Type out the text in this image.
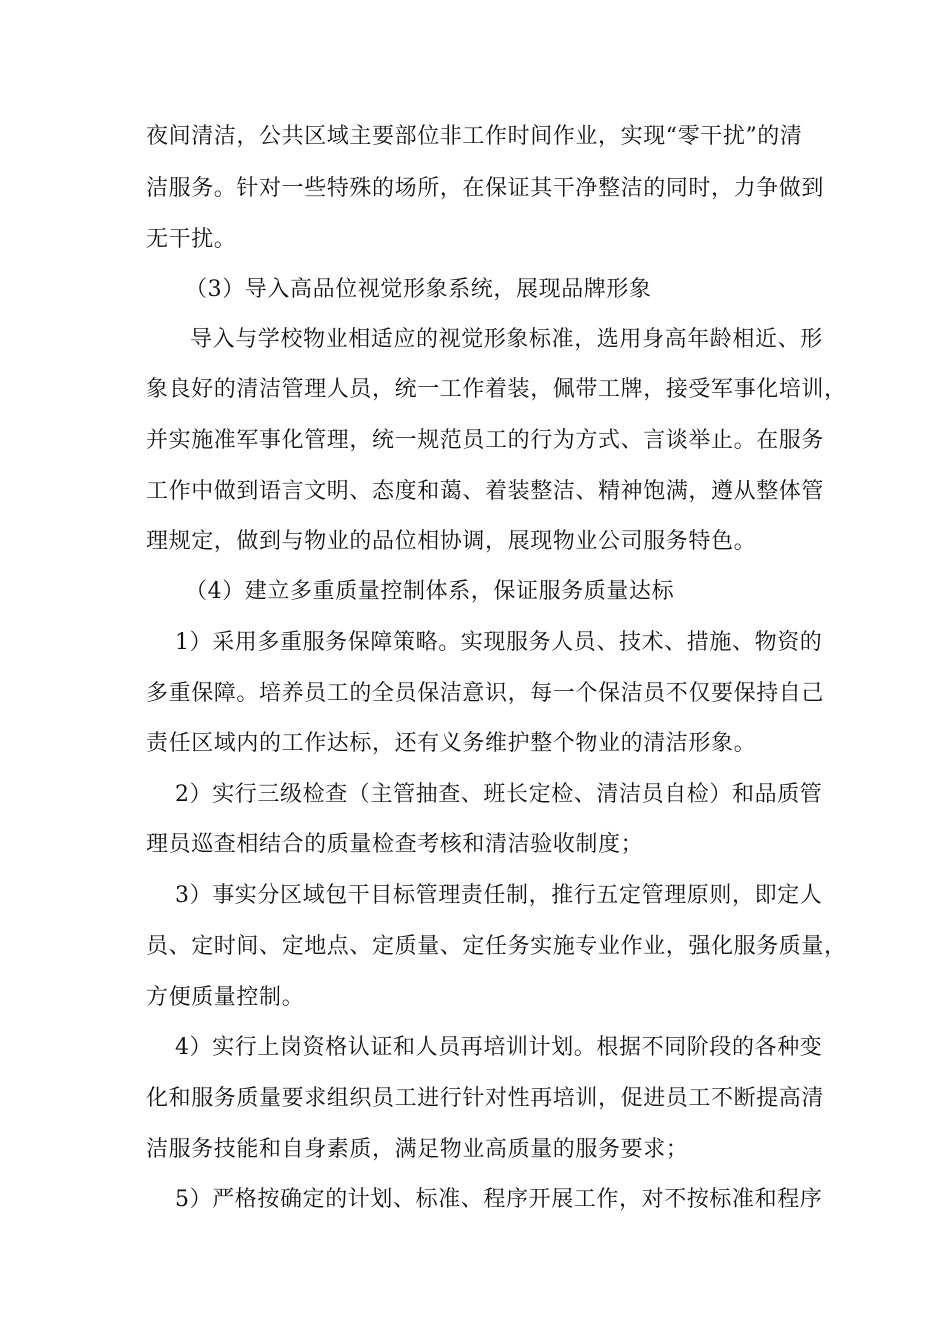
夜间清洁，公共区域主要部位非工作时间作业，实现“零干扰”的清
洁服务。针对一些特殊的场所，在保证其干净整洁的同时，力争做到
无干扰。
（3）导入高品位视觉形象系统，展现品牌形象
导入与学校物业相适应的视觉形象标准，选用身高年龄相近、形
象良好的清洁管理人员，统一工作着装，佩带工牌，接受军事化培训，
并实施准军事化管理，统一规范员工的行为方式、言谈举止。在服务
工作中做到语言文明、态度和蔼、着装整洁、精神饱满，遵从整体管
理规定，做到与物业的品位相协调，展现物业公司服务特色。
（4）建立多重质量控制体系，保证服务质量达标
1）采用多重服务保障策略。实现服务人员、技术、措施、物资的
多重保障。培养员工的全员保洁意识，每一个保洁员不仅要保持自己
责任区域内的工作达标，还有义务维护整个物业的清洁形象。
2）实行三级检查（主管抽查、班长定检、清洁员自检）和品质管
理员巡查相结合的质量检查考核和清洁验收制度；
3）事实分区域包干目标管理责任制，推行五定管理原则，即定人
员、定时间、定地点、定质量、定任务实施专业作业，强化服务质量，
方便质量控制。
4）实行上岗资格认证和人员再培训计划。根据不同阶段的各种变
化和服务质量要求组织员工进行针对性再培训，促进员工不断提高清
洁服务技能和自身素质，满足物业高质量的服务要求；
5）严格按确定的计划、标准、程序开展工作，对不按标准和程序
